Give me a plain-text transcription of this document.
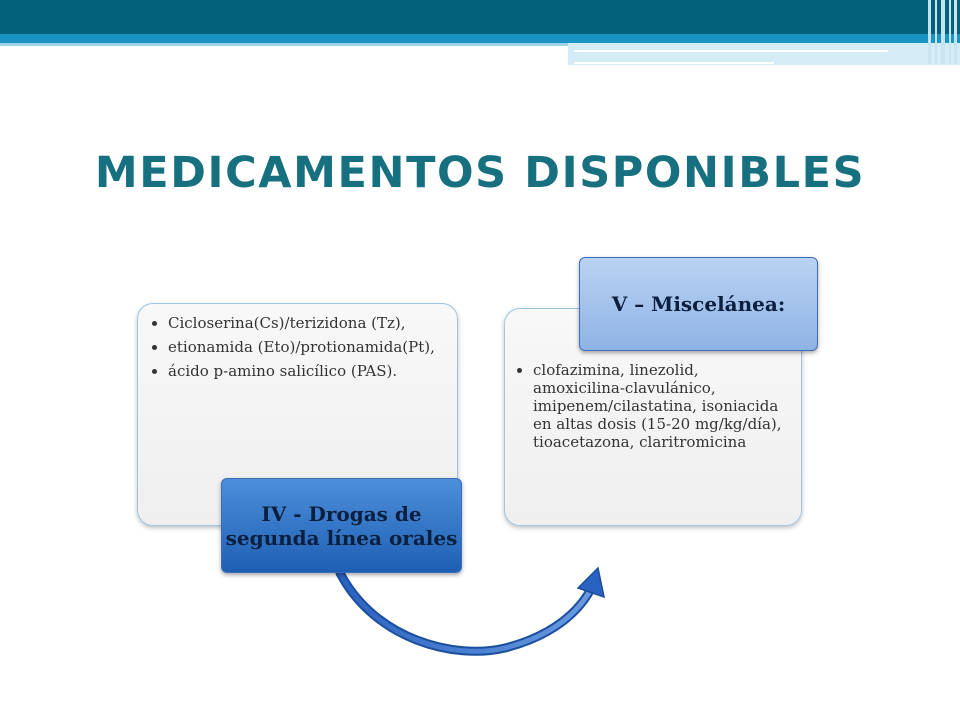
MEDICAMENTOS DISPONIBLES
• Cicloserina(Cs)/terizidona (Tz),
• etionamida (Eto)/protionamida(Pt),
• ácido p-amino salicílico (PAS).
•	clofazimina, linezolid, amoxicilina-clavulánico, imipenem/cilastatina, isoniacida en altas dosis (15-20 mg/kg/día), tioacetazona, claritromicina
IV - Drogas de segunda línea orales
V – Miscelánea:
